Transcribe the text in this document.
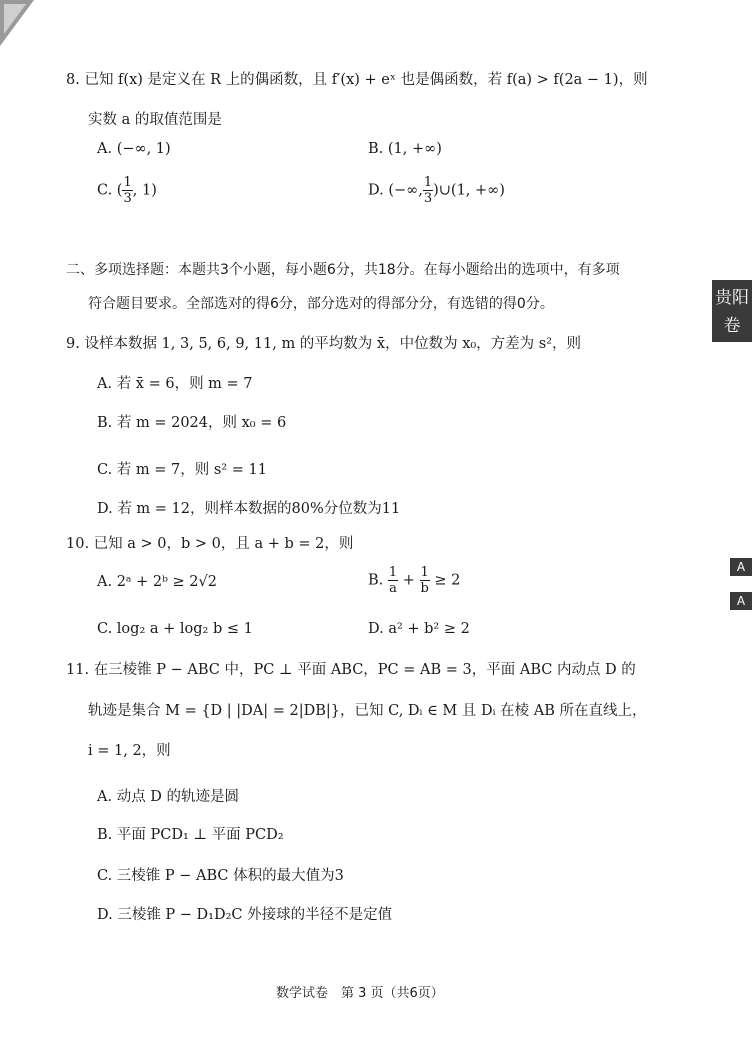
8. 已知 f(x) 是定义在 R 上的偶函数，且 f′(x) + eˣ 也是偶函数，若 f(a) > f(2a − 1)，则
实数 a 的取值范围是
A. (−∞, 1)	B. (1, +∞)
C. ( $\frac{1}{3}$ , 1)	D. (−∞, $\frac{1}{3}$ )∪(1, +∞)
二、多项选择题：本题共3个小题，每小题6分，共18分。在每小题给出的选项中，有多项
符合题目要求。全部选对的得6分，部分选对的得部分分，有选错的得0分。
9. 设样本数据 1, 3, 5, 6, 9, 11, m 的平均数为 x̄，中位数为 x₀，方差为 s²，则
A. 若 x̄ = 6，则 m = 7
B. 若 m = 2024，则 x₀ = 6
C. 若 m = 7，则 s² = 11
D. 若 m = 12，则样本数据的80%分位数为11
10. 已知 a > 0，b > 0，且 a + b = 2，则
A. 2ᵃ + 2ᵇ ≥ 2√2	B. $\frac{1}{a} + \frac{1}{b} \ge 2$
C. log₂ a + log₂ b ≤ 1	D. a² + b² ≥ 2
11. 在三棱锥 P − ABC 中，PC ⊥ 平面 ABC，PC = AB = 3，平面 ABC 内动点 D 的
轨迹是集合 M = {D | |DA| = 2|DB|}，已知 C, Dᵢ ∈ M 且 Dᵢ 在棱 AB 所在直线上，
i = 1, 2，则
A. 动点 D 的轨迹是圆
B. 平面 PCD₁ ⊥ 平面 PCD₂
C. 三棱锥 P − ABC 体积的最大值为3
D. 三棱锥 P − D₁D₂C 外接球的半径不是定值
数学试卷　第 3 页（共6页）
贵阳
卷
A
A
